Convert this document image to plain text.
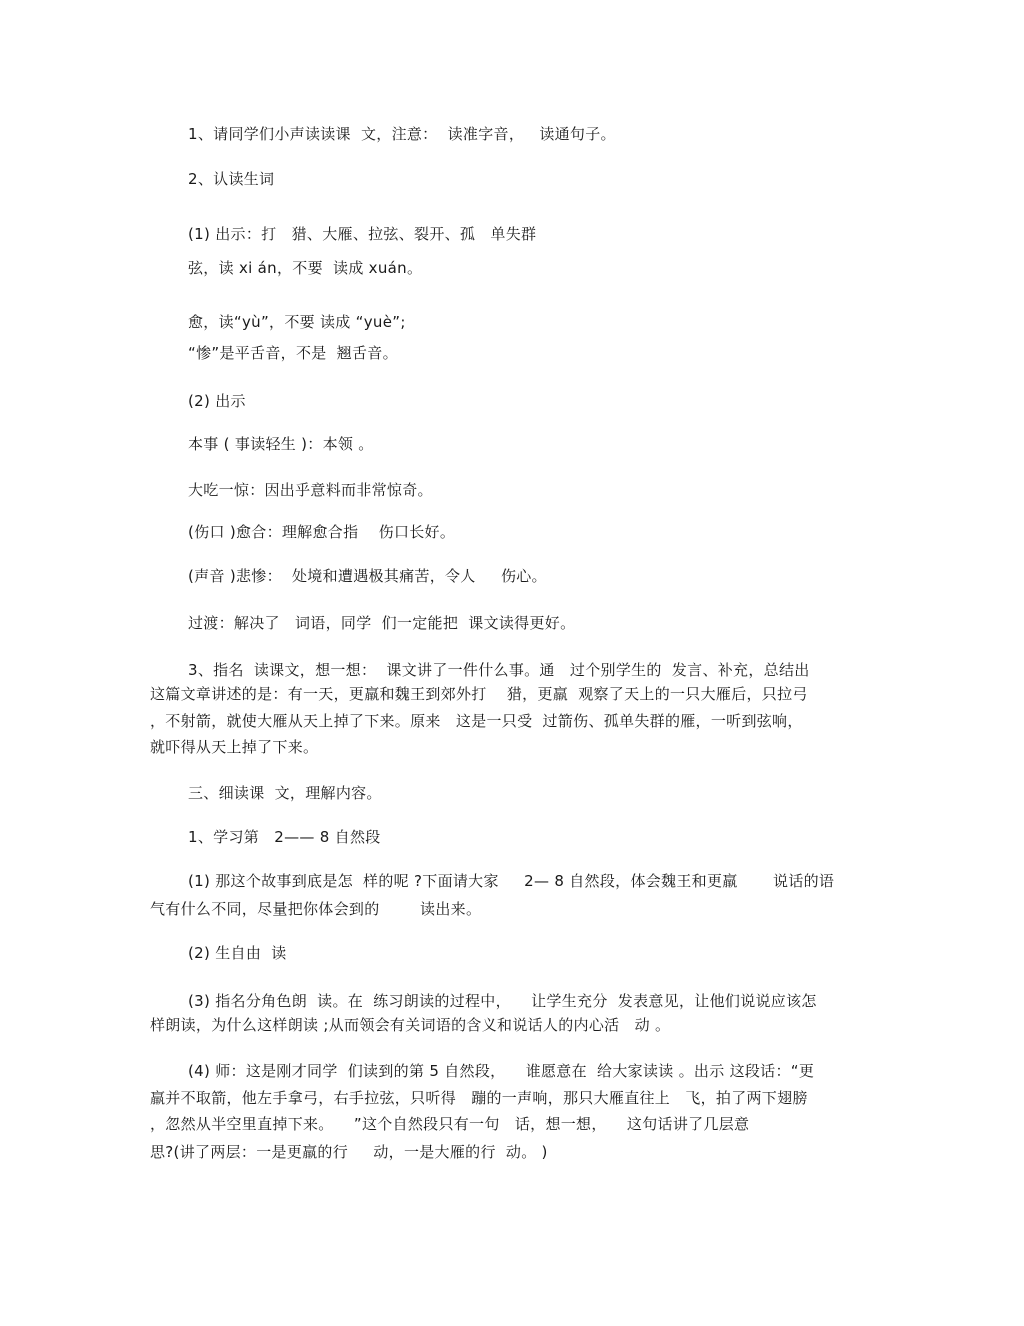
1、请同学们小声读读课  文，注意：  读准字音，   读通句子。
2、认读生词
(1) 出示：打   猎、大雁、拉弦、裂开、孤   单失群
弦，读 xi án，不要  读成 xuán。
愈，读“yù”，不要 读成 “yuè”;
“惨”是平舌音，不是  翘舌音。
(2) 出示
本事 ( 事读轻生 )：本领 。
大吃一惊：因出乎意料而非常惊奇。
(伤口 )愈合：理解愈合指    伤口长好。
(声音 )悲惨：  处境和遭遇极其痛苦，令人     伤心。
过渡：解决了   词语，同学  们一定能把  课文读得更好。
3、指名  读课文，想一想：  课文讲了一件什么事。通   过个别学生的  发言、补充，总结出
这篇文章讲述的是：有一天，更羸和魏王到郊外打    猎，更羸  观察了天上的一只大雁后，只拉弓
，不射箭，就使大雁从天上掉了下来。原来   这是一只受  过箭伤、孤单失群的雁，一听到弦响，
就吓得从天上掉了下来。
三、细读课  文，理解内容。
1、学习第   2—— 8 自然段
(1) 那这个故事到底是怎  样的呢 ?下面请大家     2— 8 自然段，体会魏王和更羸       说话的语
气有什么不同，尽量把你体会到的        读出来。
(2) 生自由  读
(3) 指名分角色朗  读。在  练习朗读的过程中，    让学生充分  发表意见，让他们说说应该怎
样朗读，为什么这样朗读 ;从而领会有关词语的含义和说话人的内心活   动 。
(4) 师：这是刚才同学  们读到的第 5 自然段，    谁愿意在  给大家读读 。出示 这段话：“更
羸并不取箭，他左手拿弓，右手拉弦，只听得   蹦的一声响，那只大雁直往上   飞，拍了两下翅膀
，忽然从半空里直掉下来。    ”这个自然段只有一句   话，想一想，    这句话讲了几层意
思?(讲了两层：一是更羸的行     动，一是大雁的行  动。 )
